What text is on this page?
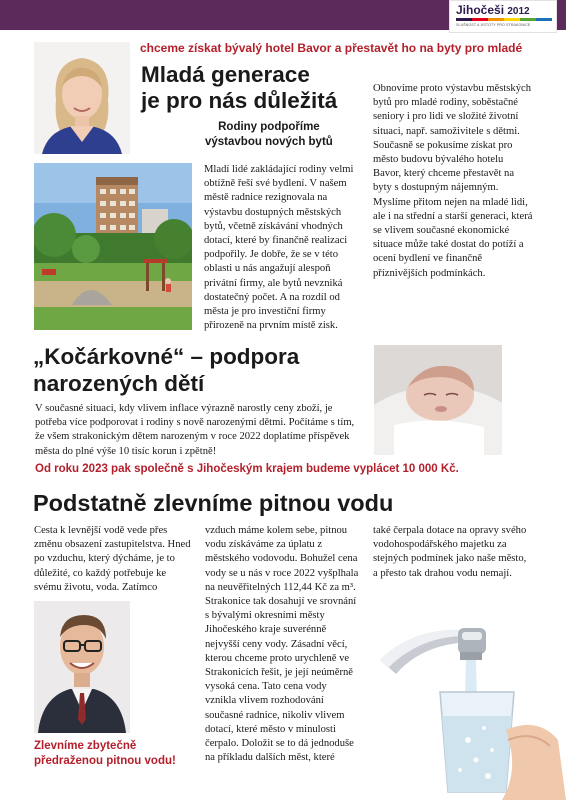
Jihočeši 2012
SLUŠNOST A JISTOTY PRO STRAKONICE
chceme získat bývalý hotel Bavor a přestavět ho na byty pro mladé
Mladá generace
je pro nás důležitá
Rodiny podpoříme
výstavbou nových bytů

Mladí lidé zakládající rodiny velmi obtížně řeší své bydlení. V našem městě radnice rezignovala na výstavbu dostupných městských bytů, včetně získávání vhodných dotací, které by finančně realizaci podpořily. Je dobře, že se v této oblasti u nás angažují alespoň privátní firmy, ale bytů nevzniká dostatečný počet. A na rozdíl od města je pro investiční firmy přirozeně na prvním místě zisk.

Obnovíme proto výstavbu městských bytů pro mladé rodiny, soběstačné seniory i pro lidi ve složité životní situaci, např. samoživitele s dětmi. Současně se pokusíme získat pro město budovu bývalého hotelu Bavor, který chceme přestavět na byty s dostupným nájemným. Myslíme přitom nejen na mladé lidi, ale i na střední a starší generaci, která se vlivem současné ekonomické situace může také dostat do potíží a ocení bydlení ve finančně příznivějších podmínkách.

„Kočárkovné“ – podpora
narozených dětí

V současné situaci, kdy vlivem inflace výrazně narostly ceny zboží, je potřeba více podporovat i rodiny s nově narozenými dětmi. Počítáme s tím, že všem strakonickým dětem narozeným v roce 2022 doplatíme příspěvek města do plné výše 10 tisíc korun i zpětně!

Od roku 2023 pak společně s Jihočeským krajem budeme vyplácet 10 000 Kč.
Podstatně zlevníme pitnou vodu

Cesta k levnější vodě vede přes změnu obsazení zastupitelstva. Hned po vzduchu, který dýcháme, je to důležité, co každý potřebuje ke svému životu, voda. Zatímco

Zlevníme zbytečně
předraženou pitnou vodu!

vzduch máme kolem sebe, pitnou vodu získáváme za úplatu z městského vodovodu. Bohužel cena vody se u nás v roce 2022 vyšplhala na neuvěřitelných 112,44 Kč za m³. Strakonice tak dosahují ve srovnání s bývalými okresními městy Jihočeského kraje suverénně nejvyšší ceny vody. Zásadní věcí, kterou chceme proto urychleně ve Strakonicích řešit, je její neúměrně vysoká cena. Tato cena vody vznikla vlivem rozhodování současné radnice, nikoliv vlivem dotací, které město v minulosti čerpalo. Doložit se to dá jednoduše na příkladu dalších měst, které

také čerpala dotace na opravy svého vodohospodářského majetku za stejných podmínek jako naše město, a přesto tak drahou vodu nemají.
